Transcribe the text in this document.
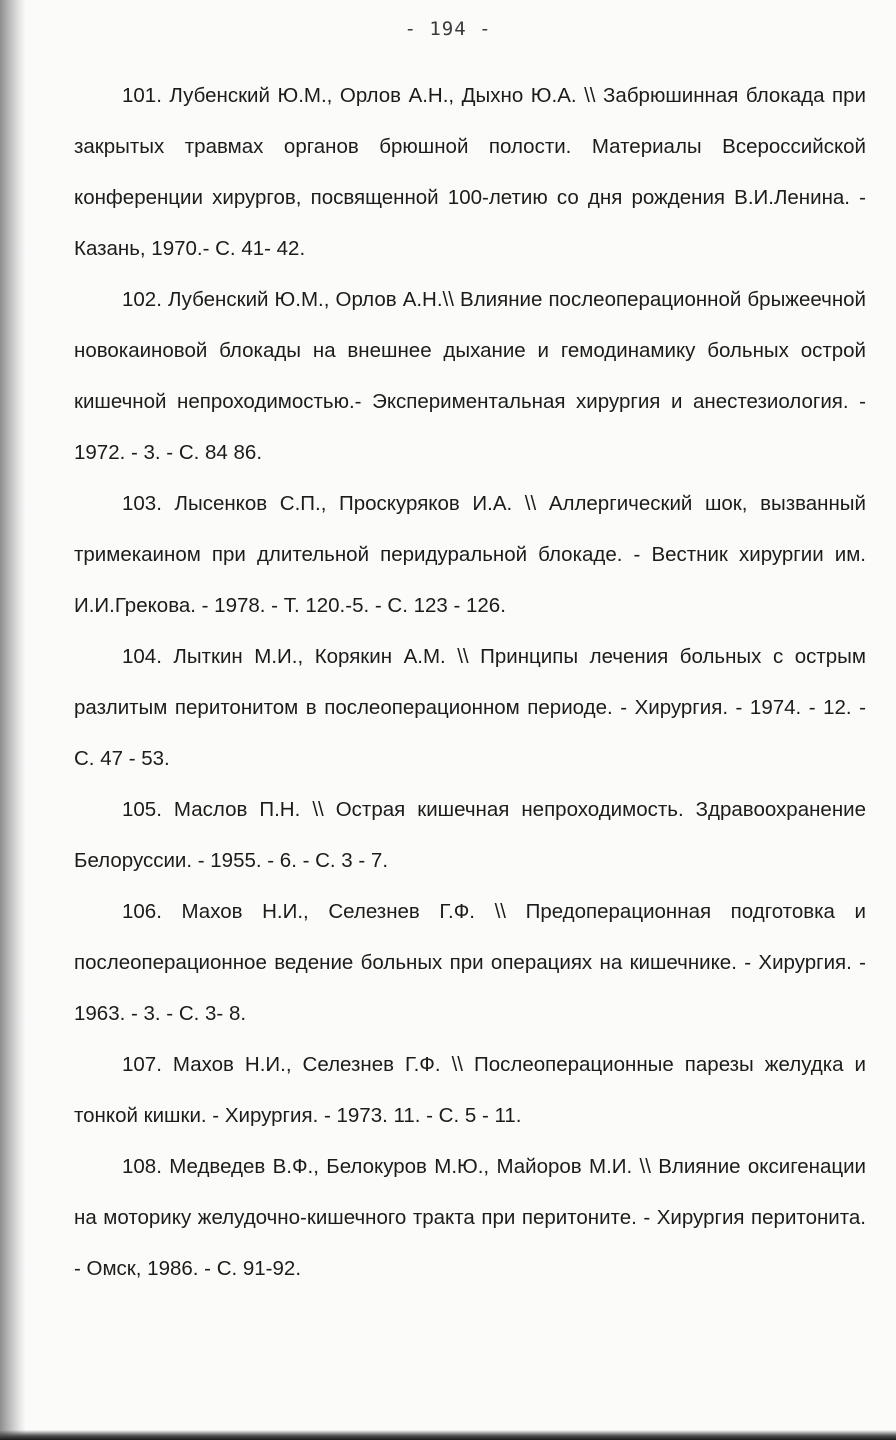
- 194 -
101. Лубенский Ю.М., Орлов А.Н., Дыхно Ю.А. \\ Забрюшинная блокада при закрытых травмах органов брюшной полости. Материалы Всероссийской конференции хирургов, посвященной 100-летию со дня рождения В.И.Ленина. - Казань, 1970.- С. 41- 42.
102. Лубенский Ю.М., Орлов А.Н.\\ Влияние послеоперационной брыжеечной новокаиновой блокады на внешнее дыхание и гемодинамику больных острой кишечной непроходимостью.- Экспериментальная хирургия и анестезиология. - 1972. - 3. - С. 84 86.
103. Лысенков С.П., Проскуряков И.А. \\ Аллергический шок, вызванный тримекаином при длительной перидуральной блокаде. - Вестник хирургии им. И.И.Грекова. - 1978. - Т. 120.-5. - С. 123 - 126.
104. Лыткин М.И., Корякин А.М. \\ Принципы лечения больных с острым разлитым перитонитом в послеоперационном периоде. - Хирургия. - 1974. - 12. - С. 47 - 53.
105. Маслов П.Н. \\ Острая кишечная непроходимость. Здравоохранение Белоруссии. - 1955. - 6. - С. 3 - 7.
106. Махов Н.И., Селезнев Г.Ф. \\ Предоперационная подготовка и послеоперационное ведение больных при операциях на кишечнике. - Хирургия. - 1963. - 3. - С. 3- 8.
107. Махов Н.И., Селезнев Г.Ф. \\ Послеоперационные парезы желудка и тонкой кишки. - Хирургия. - 1973. 11. - С. 5 - 11.
108. Медведев В.Ф., Белокуров М.Ю., Майоров М.И. \\ Влияние оксигенации на моторику желудочно-кишечного тракта при перитоните. - Хирургия перитонита. - Омск, 1986. - С. 91-92.
